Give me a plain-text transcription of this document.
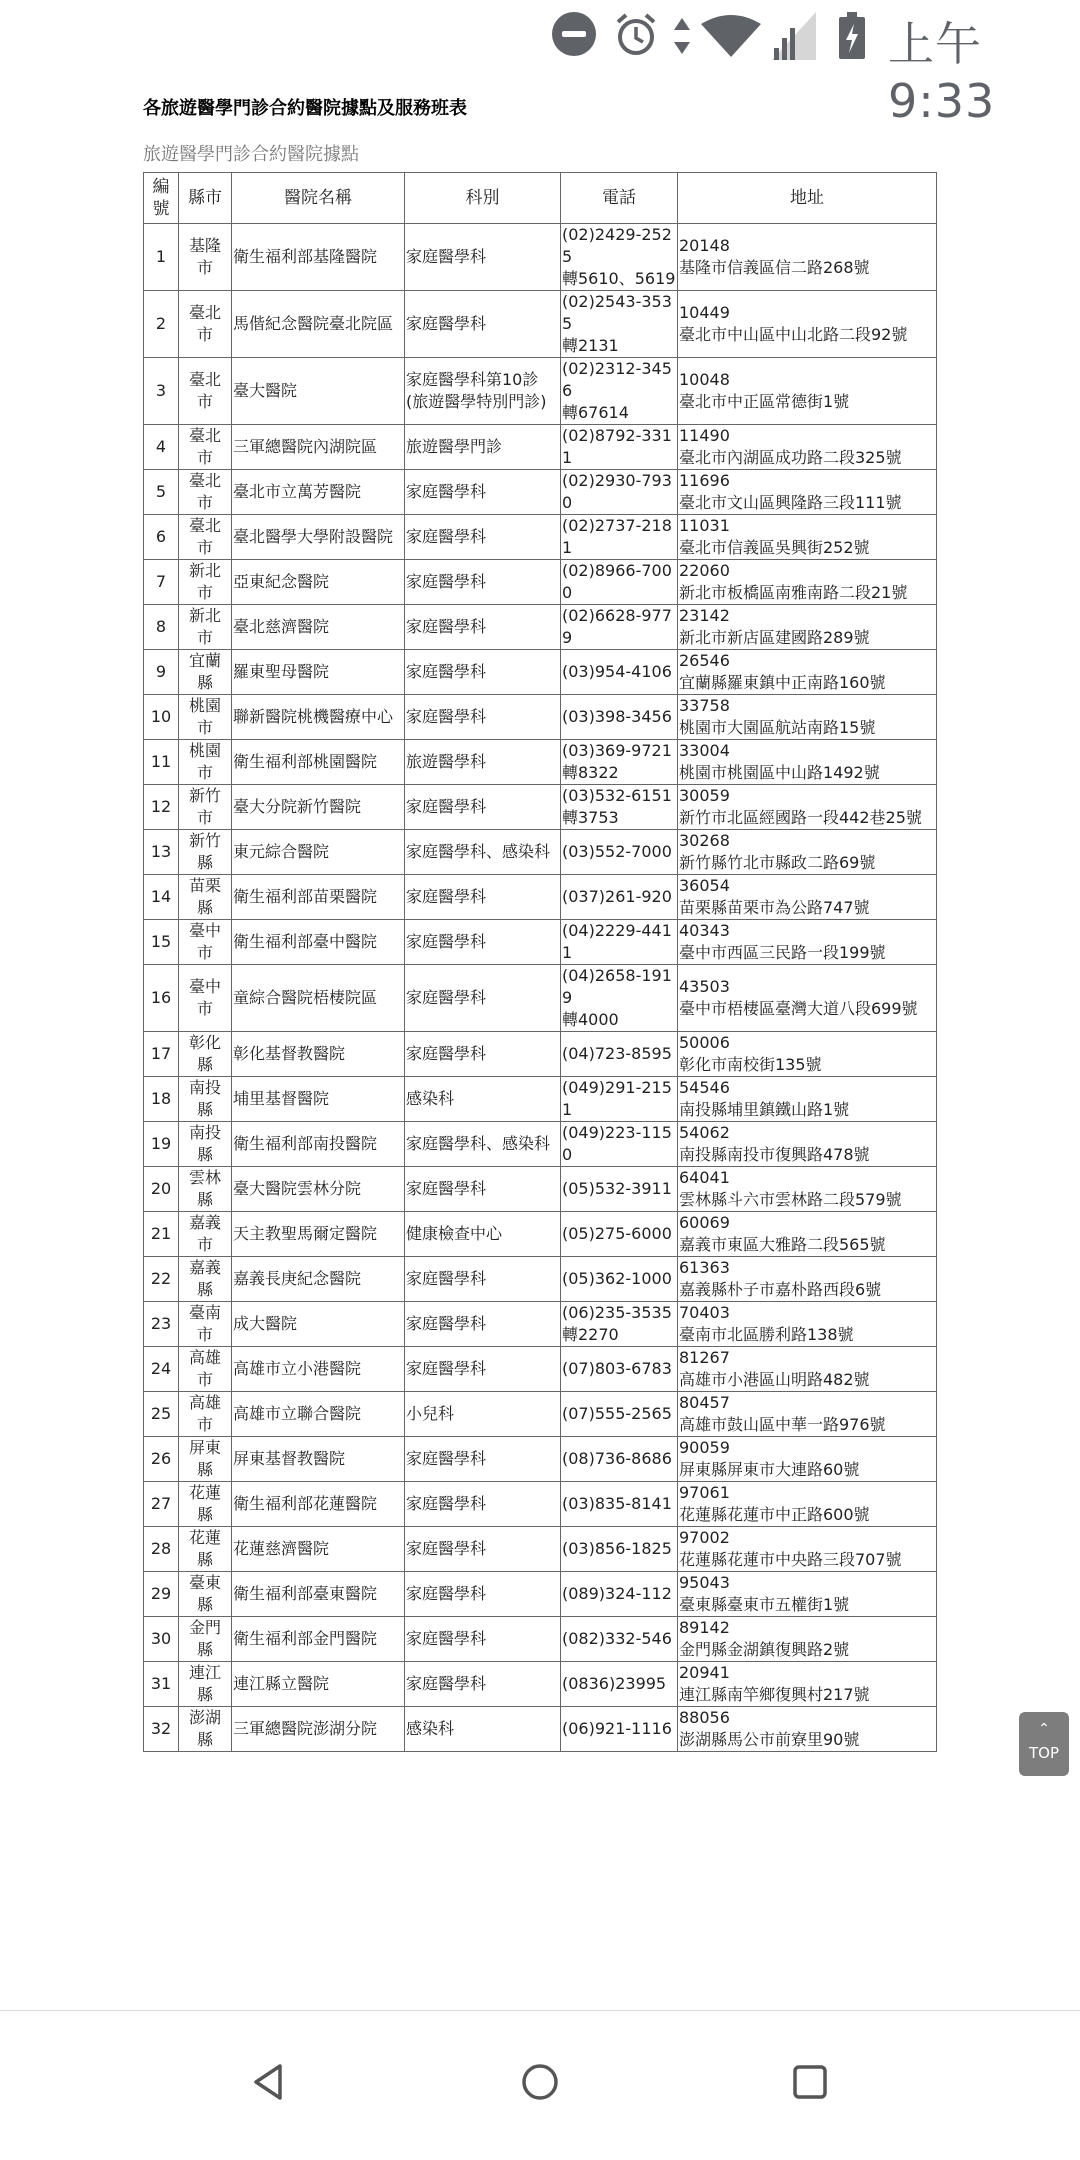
上午9:33
各旅遊醫學門診合約醫院據點及服務班表
旅遊醫學門診合約醫院據點
編號	縣市	醫院名稱	科別	電話	地址
1	基隆市	衛生福利部基隆醫院	家庭醫學科	(02)2429-2525
轉5610、5619	20148
基隆市信義區信二路268號
2	臺北市	馬偕紀念醫院臺北院區	家庭醫學科	(02)2543-3535
轉2131	10449
臺北市中山區中山北路二段92號
3	臺北市	臺大醫院	家庭醫學科第10診(旅遊醫學特別門診)	(02)2312-3456
轉67614	10048
臺北市中正區常德街1號
4	臺北市	三軍總醫院內湖院區	旅遊醫學門診	(02)8792-3311	11490
臺北市內湖區成功路二段325號
5	臺北市	臺北市立萬芳醫院	家庭醫學科	(02)2930-7930	11696
臺北市文山區興隆路三段111號
6	臺北市	臺北醫學大學附設醫院	家庭醫學科	(02)2737-2181	11031
臺北市信義區吳興街252號
7	新北市	亞東紀念醫院	家庭醫學科	(02)8966-7000	22060
新北市板橋區南雅南路二段21號
8	新北市	臺北慈濟醫院	家庭醫學科	(02)6628-9779	23142
新北市新店區建國路289號
9	宜蘭縣	羅東聖母醫院	家庭醫學科	(03)954-4106	26546
宜蘭縣羅東鎮中正南路160號
10	桃園市	聯新醫院桃機醫療中心	家庭醫學科	(03)398-3456	33758
桃園市大園區航站南路15號
11	桃園市	衛生福利部桃園醫院	旅遊醫學科	(03)369-9721
轉8322	33004
桃園市桃園區中山路1492號
12	新竹市	臺大分院新竹醫院	家庭醫學科	(03)532-6151
轉3753	30059
新竹市北區經國路一段442巷25號
13	新竹縣	東元綜合醫院	家庭醫學科、感染科	(03)552-7000	30268
新竹縣竹北市縣政二路69號
14	苗栗縣	衛生福利部苗栗醫院	家庭醫學科	(037)261-920	36054
苗栗縣苗栗市為公路747號
15	臺中市	衛生福利部臺中醫院	家庭醫學科	(04)2229-4411	40343
臺中市西區三民路一段199號
16	臺中市	童綜合醫院梧棲院區	家庭醫學科	(04)2658-1919
轉4000	43503
臺中市梧棲區臺灣大道八段699號
17	彰化縣	彰化基督教醫院	家庭醫學科	(04)723-8595	50006
彰化市南校街135號
18	南投縣	埔里基督醫院	感染科	(049)291-2151	54546
南投縣埔里鎮鐵山路1號
19	南投縣	衛生福利部南投醫院	家庭醫學科、感染科	(049)223-1150	54062
南投縣南投市復興路478號
20	雲林縣	臺大醫院雲林分院	家庭醫學科	(05)532-3911	64041
雲林縣斗六市雲林路二段579號
21	嘉義市	天主教聖馬爾定醫院	健康檢查中心	(05)275-6000	60069
嘉義市東區大雅路二段565號
22	嘉義縣	嘉義長庚紀念醫院	家庭醫學科	(05)362-1000	61363
嘉義縣朴子市嘉朴路西段6號
23	臺南市	成大醫院	家庭醫學科	(06)235-3535
轉2270	70403
臺南市北區勝利路138號
24	高雄市	高雄市立小港醫院	家庭醫學科	(07)803-6783	81267
高雄市小港區山明路482號
25	高雄市	高雄市立聯合醫院	小兒科	(07)555-2565	80457
高雄市鼓山區中華一路976號
26	屏東縣	屏東基督教醫院	家庭醫學科	(08)736-8686	90059
屏東縣屏東市大連路60號
27	花蓮縣	衛生福利部花蓮醫院	家庭醫學科	(03)835-8141	97061
花蓮縣花蓮市中正路600號
28	花蓮縣	花蓮慈濟醫院	家庭醫學科	(03)856-1825	97002
花蓮縣花蓮市中央路三段707號
29	臺東縣	衛生福利部臺東醫院	家庭醫學科	(089)324-112	95043
臺東縣臺東市五權街1號
30	金門縣	衛生福利部金門醫院	家庭醫學科	(082)332-546	89142
金門縣金湖鎮復興路2號
31	連江縣	連江縣立醫院	家庭醫學科	(0836)23995	20941
連江縣南竿鄉復興村217號
32	澎湖縣	三軍總醫院澎湖分院	感染科	(06)921-1116	88056
澎湖縣馬公市前寮里90號
⌃
TOP
